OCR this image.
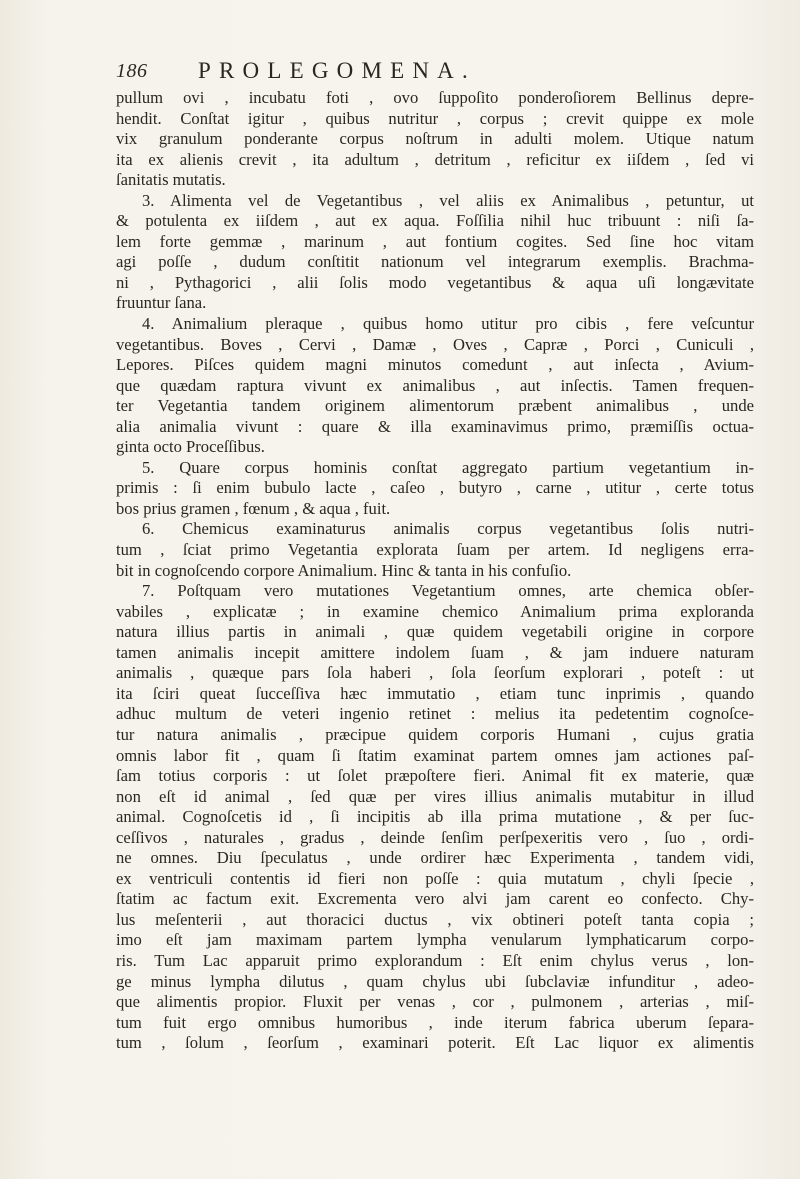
186 PROLEGOMENA.
pullum ovi , incubatu foti , ovo ſuppoſito ponderoſiorem Bellinus depre-
hendit. Conſtat igitur , quibus nutritur , corpus ; crevit quippe ex mole
vix granulum ponderante corpus noſtrum in adulti molem. Utique natum
ita ex alienis crevit , ita adultum , detritum , reficitur ex iiſdem , ſed vi
ſanitatis mutatis.
3. Alimenta vel de Vegetantibus , vel aliis ex Animalibus , petuntur, ut
& potulenta ex iiſdem , aut ex aqua. Foſſilia nihil huc tribuunt : niſi ſa-
lem forte gemmæ , marinum , aut fontium cogites. Sed ſine hoc vitam
agi poſſe , dudum conſtitit nationum vel integrarum exemplis. Brachma-
ni , Pythagorici , alii ſolis modo vegetantibus & aqua uſi longævitate
fruuntur ſana.
4. Animalium pleraque , quibus homo utitur pro cibis , fere veſcuntur
vegetantibus. Boves , Cervi , Damæ , Oves , Capræ , Porci , Cuniculi ,
Lepores. Piſces quidem magni minutos comedunt , aut inſecta , Avium-
que quædam raptura vivunt ex animalibus , aut inſectis. Tamen frequen-
ter Vegetantia tandem originem alimentorum præbent animalibus , unde
alia animalia vivunt : quare & illa examinavimus primo, præmiſſis octua-
ginta octo Proceſſibus.
5. Quare corpus hominis conſtat aggregato partium vegetantium in-
primis : ſi enim bubulo lacte , caſeo , butyro , carne , utitur , certe totus
bos prius gramen , fœnum , & aqua , fuit.
6. Chemicus examinaturus animalis corpus vegetantibus ſolis nutri-
tum , ſciat primo Vegetantia explorata ſuam per artem. Id negligens erra-
bit in cognoſcendo corpore Animalium. Hinc & tanta in his confuſio.
7. Poſtquam vero mutationes Vegetantium omnes, arte chemica obſer-
vabiles , explicatæ ; in examine chemico Animalium prima exploranda
natura illius partis in animali , quæ quidem vegetabili origine in corpore
tamen animalis incepit amittere indolem ſuam , & jam induere naturam
animalis , quæque pars ſola haberi , ſola ſeorſum explorari , poteſt : ut
ita ſciri queat ſucceſſiva hæc immutatio , etiam tunc inprimis , quando
adhuc multum de veteri ingenio retinet : melius ita pedetentim cognoſce-
tur natura animalis , præcipue quidem corporis Humani , cujus gratia
omnis labor fit , quam ſi ſtatim examinat partem omnes jam actiones paſ-
ſam totius corporis : ut ſolet præpoſtere fieri. Animal fit ex materie, quæ
non eſt id animal , ſed quæ per vires illius animalis mutabitur in illud
animal. Cognoſcetis id , ſi incipitis ab illa prima mutatione , & per ſuc-
ceſſivos , naturales , gradus , deinde ſenſim perſpexeritis vero , ſuo , ordi-
ne omnes. Diu ſpeculatus , unde ordirer hæc Experimenta , tandem vidi,
ex ventriculi contentis id fieri non poſſe : quia mutatum , chyli ſpecie ,
ſtatim ac factum exit. Excrementa vero alvi jam carent eo confecto. Chy-
lus meſenterii , aut thoracici ductus , vix obtineri poteſt tanta copia ;
imo eſt jam maximam partem lympha venularum lymphaticarum corpo-
ris. Tum Lac apparuit primo explorandum : Eſt enim chylus verus , lon-
ge minus lympha dilutus , quam chylus ubi ſubclaviæ infunditur , adeo-
que alimentis propior. Fluxit per venas , cor , pulmonem , arterias , miſ-
tum fuit ergo omnibus humoribus , inde iterum fabrica uberum ſepara-
tum , ſolum , ſeorſum , examinari poterit. Eſt Lac liquor ex alimentis
